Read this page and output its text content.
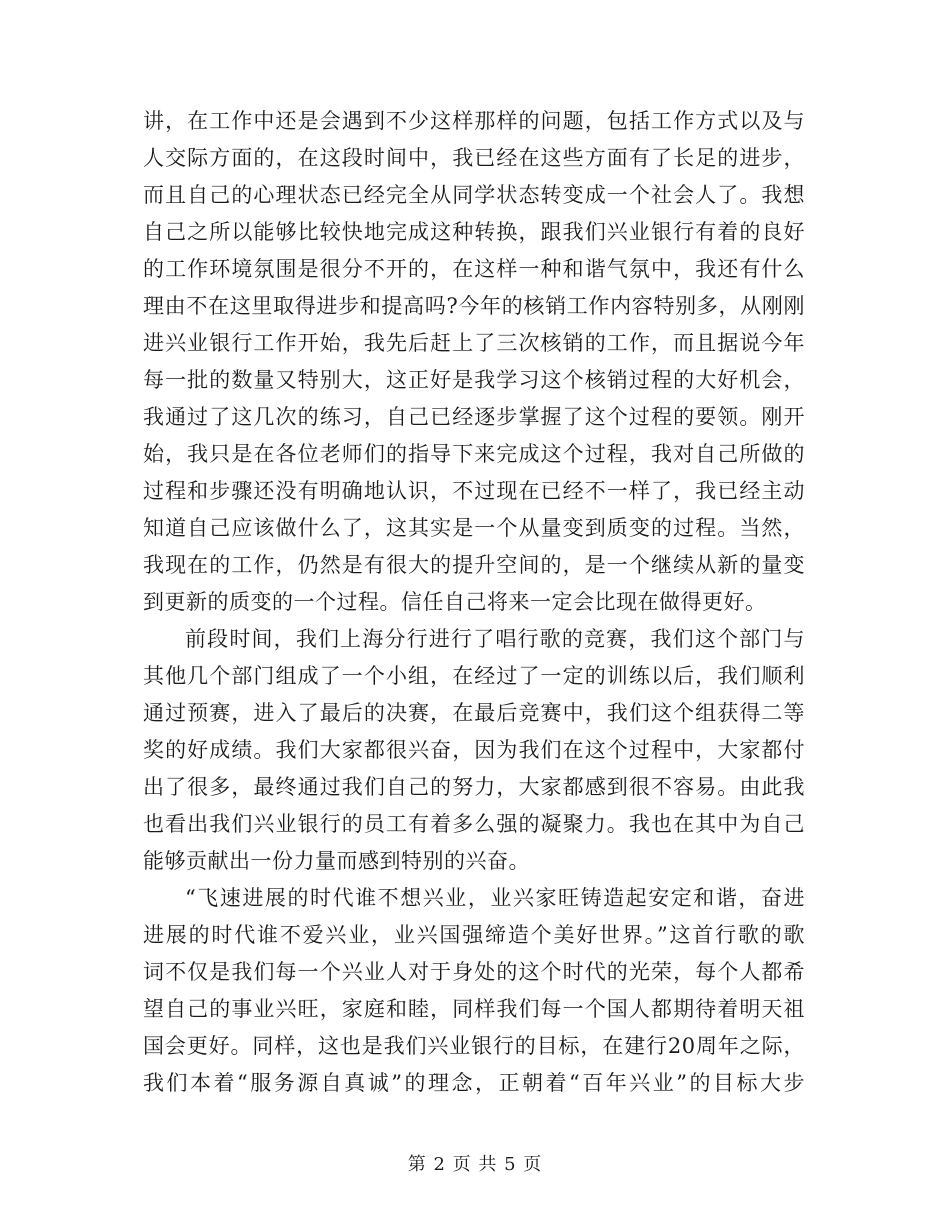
讲，在工作中还是会遇到不少这样那样的问题，包括工作方式以及与
人交际方面的，在这段时间中，我已经在这些方面有了长足的进步，
而且自己的心理状态已经完全从同学状态转变成一个社会人了。我想
自己之所以能够比较快地完成这种转换，跟我们兴业银行有着的良好
的工作环境氛围是很分不开的，在这样一种和谐气氛中，我还有什么
理由不在这里取得进步和提高吗?今年的核销工作内容特别多，从刚刚
进兴业银行工作开始，我先后赶上了三次核销的工作，而且据说今年
每一批的数量又特别大，这正好是我学习这个核销过程的大好机会，
我通过了这几次的练习，自己已经逐步掌握了这个过程的要领。刚开
始，我只是在各位老师们的指导下来完成这个过程，我对自己所做的
过程和步骤还没有明确地认识，不过现在已经不一样了，我已经主动
知道自己应该做什么了，这其实是一个从量变到质变的过程。当然，
我现在的工作，仍然是有很大的提升空间的，是一个继续从新的量变
到更新的质变的一个过程。信任自己将来一定会比现在做得更好。
前段时间，我们上海分行进行了唱行歌的竞赛，我们这个部门与
其他几个部门组成了一个小组，在经过了一定的训练以后，我们顺利
通过预赛，进入了最后的决赛，在最后竞赛中，我们这个组获得二等
奖的好成绩。我们大家都很兴奋，因为我们在这个过程中，大家都付
出了很多，最终通过我们自己的努力，大家都感到很不容易。由此我
也看出我们兴业银行的员工有着多么强的凝聚力。我也在其中为自己
能够贡献出一份力量而感到特别的兴奋。
“飞速进展的时代谁不想兴业，业兴家旺铸造起安定和谐，奋进
进展的时代谁不爱兴业，业兴国强缔造个美好世界。”这首行歌的歌
词不仅是我们每一个兴业人对于身处的这个时代的光荣，每个人都希
望自己的事业兴旺，家庭和睦，同样我们每一个国人都期待着明天祖
国会更好。同样，这也是我们兴业银行的目标，在建行20周年之际，
我们本着“服务源自真诚”的理念，正朝着“百年兴业”的目标大步
第 2 页 共 5 页
